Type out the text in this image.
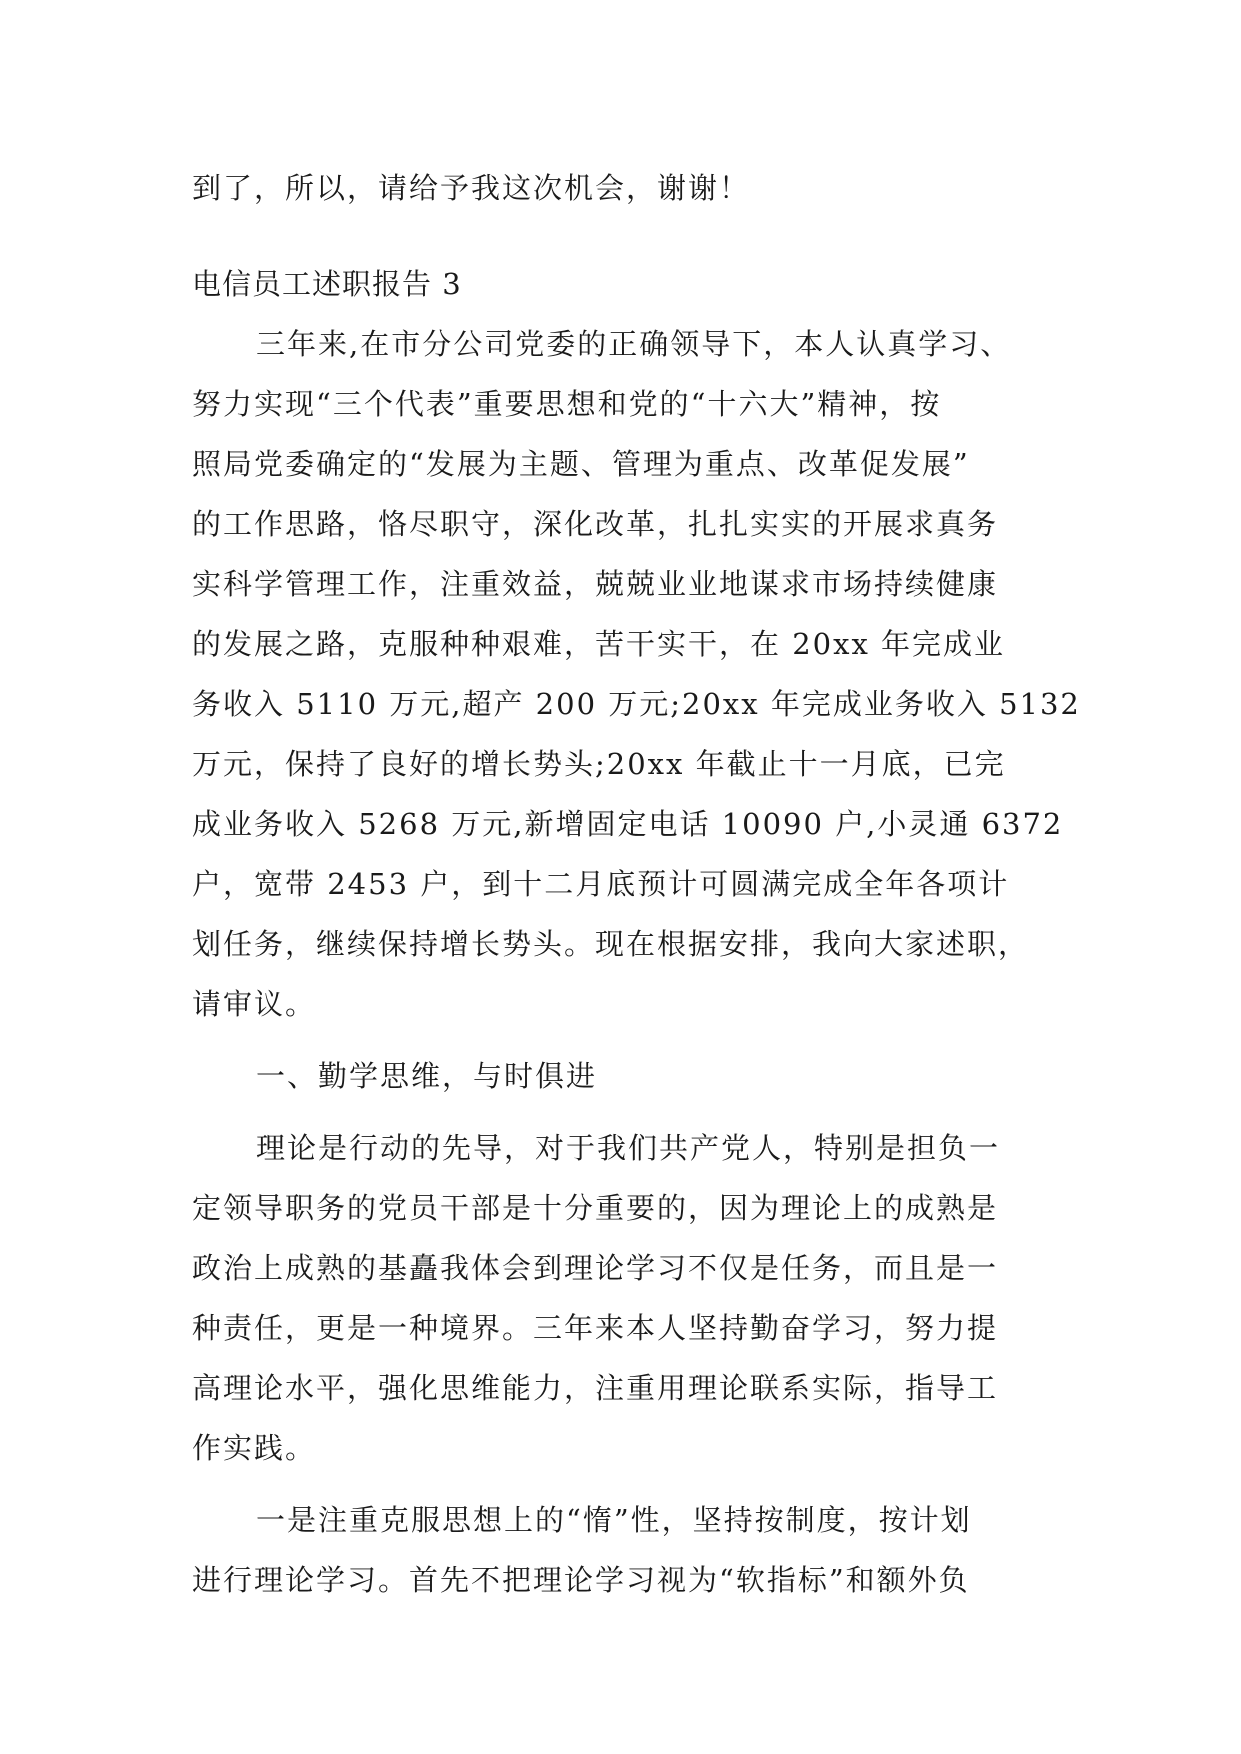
到了，所以，请给予我这次机会，谢谢！
电信员工述职报告 3
三年来,在市分公司党委的正确领导下，本人认真学习、
努力实现“三个代表”重要思想和党的“十六大”精神，按
照局党委确定的“发展为主题、管理为重点、改革促发展”
的工作思路，恪尽职守，深化改革，扎扎实实的开展求真务
实科学管理工作，注重效益，兢兢业业地谋求市场持续健康
的发展之路，克服种种艰难，苦干实干，在 20xx 年完成业
务收入 5110 万元,超产 200 万元;20xx 年完成业务收入 5132
万元，保持了良好的增长势头;20xx 年截止十一月底，已完
成业务收入 5268 万元,新增固定电话 10090 户,小灵通 6372
户，宽带 2453 户，到十二月底预计可圆满完成全年各项计
划任务，继续保持增长势头。现在根据安排，我向大家述职，
请审议。
一、勤学思维，与时俱进
理论是行动的先导，对于我们共产党人，特别是担负一
定领导职务的党员干部是十分重要的，因为理论上的成熟是
政治上成熟的基矗我体会到理论学习不仅是任务，而且是一
种责任，更是一种境界。三年来本人坚持勤奋学习，努力提
高理论水平，强化思维能力，注重用理论联系实际，指导工
作实践。
一是注重克服思想上的“惰”性，坚持按制度，按计划
进行理论学习。首先不把理论学习视为“软指标”和额外负
